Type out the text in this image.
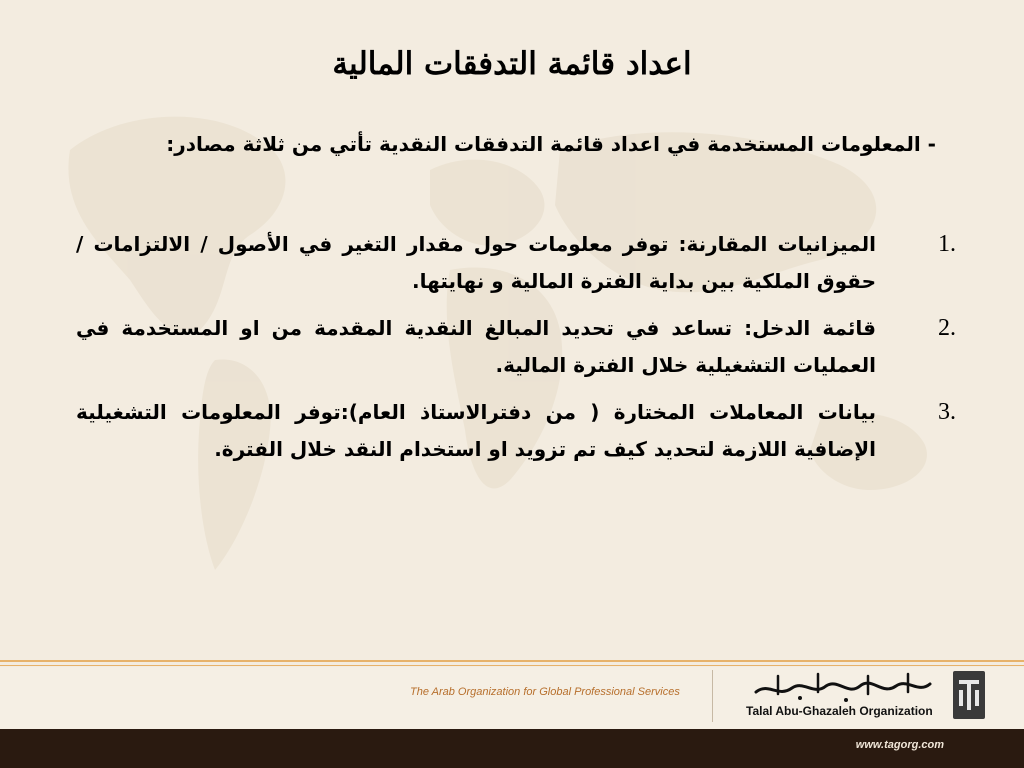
اعداد قائمة التدفقات المالية
- المعلومات المستخدمة في اعداد قائمة التدفقات النقدية تأتي من ثلاثة مصادر:
1.
الميزانيات المقارنة: توفر معلومات حول مقدار التغير في الأصول / الالتزامات / حقوق الملكية بين بداية الفترة المالية و نهايتها.
2.
قائمة الدخل: تساعد في تحديد المبالغ النقدية المقدمة من او المستخدمة في العمليات التشغيلية خلال الفترة المالية.
3.
بيانات المعاملات المختارة ( من دفترالاستاذ العام):توفر المعلومات التشغيلية الإضافية اللازمة لتحديد كيف تم تزويد او استخدام النقد خلال الفترة.
The Arab Organization for Global Professional Services
Talal Abu-Ghazaleh Organization
www.tagorg.com
